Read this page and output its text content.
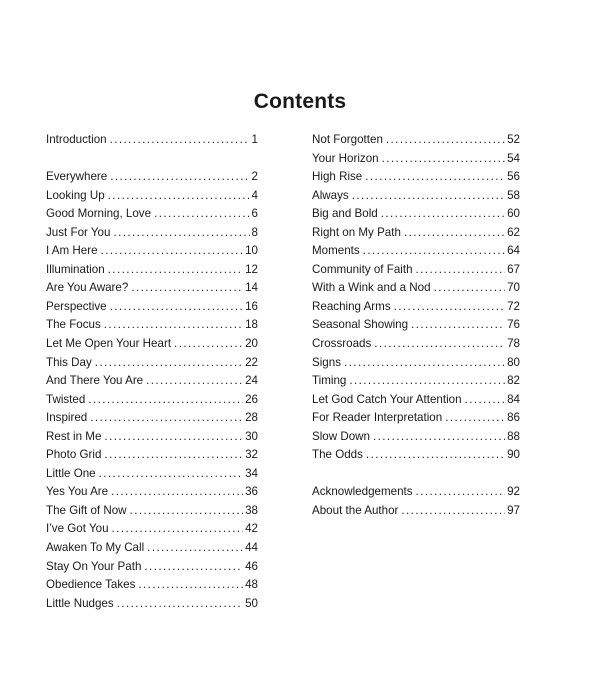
Contents
Introduction . . .	1
Everywhere . . .	2
Looking Up . . .	4
Good Morning, Love . . .	6
Just For You . . .	8
I Am Here . . .	10
Illumination . . .	12
Are You Aware? . . .	14
Perspective . . .	16
The Focus . . .	18
Let Me Open Your Heart . . .	20
This Day . . .	22
And There You Are . . .	24
Twisted . . .	26
Inspired . . .	28
Rest in Me . . .	30
Photo Grid . . .	32
Little One . . .	34
Yes You Are . . .	36
The Gift of Now . . .	38
I’ve Got You . . .	42
Awaken To My Call . . .	44
Stay On Your Path . . .	46
Obedience Takes . . .	48
Little Nudges . . .	50
Not Forgotten . . .	52
Your Horizon . . .	54
High Rise . . .	56
Always . . .	58
Big and Bold . . .	60
Right on My Path . . .	62
Moments . . .	64
Community of Faith . . .	67
With a Wink and a Nod . . .	70
Reaching Arms . . .	72
Seasonal Showing . . .	76
Crossroads . . .	78
Signs . . .	80
Timing . . .	82
Let God Catch Your Attention . . .	84
For Reader Interpretation . . .	86
Slow Down . . .	88
The Odds . . .	90
Acknowledgements . . .	92
About the Author . . .	97
